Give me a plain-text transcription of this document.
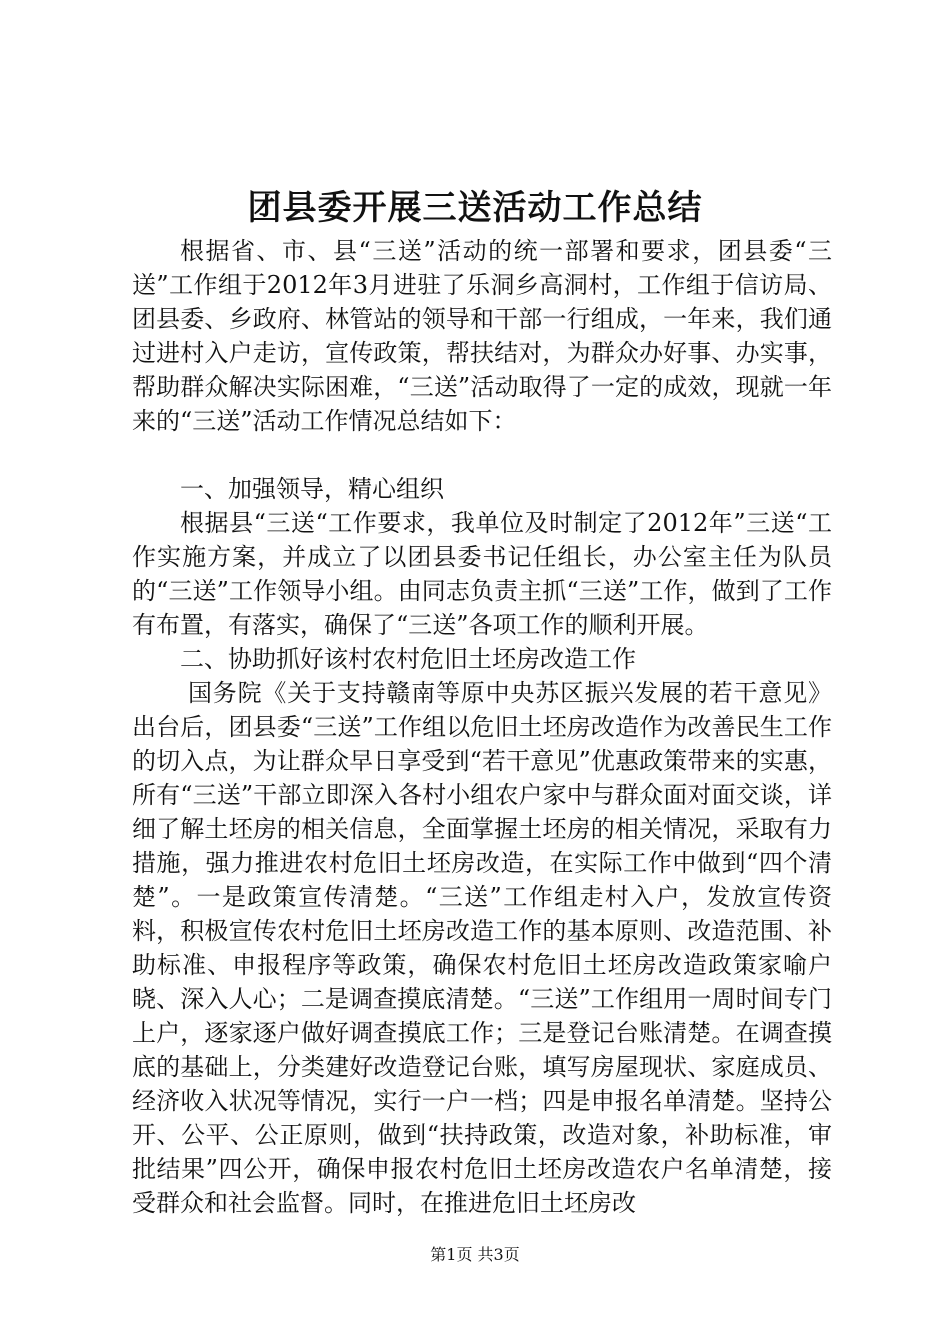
团县委开展三送活动工作总结

根据省、市、县“三送”活动的统一部署和要求，团县委“三送”工作组于2012年3月进驻了乐洞乡高洞村，工作组于信访局、团县委、乡政府、林管站的领导和干部一行组成，一年来，我们通过进村入户走访，宣传政策，帮扶结对，为群众办好事、办实事，帮助群众解决实际困难，“三送”活动取得了一定的成效，现就一年来的“三送”活动工作情况总结如下：

一、加强领导，精心组织

根据县“三送“工作要求，我单位及时制定了2012年”三送“工作实施方案，并成立了以团县委书记任组长，办公室主任为队员的“三送”工作领导小组。由同志负责主抓“三送”工作，做到了工作有布置，有落实，确保了“三送”各项工作的顺利开展。

二、协助抓好该村农村危旧土坯房改造工作

国务院《关于支持赣南等原中央苏区振兴发展的若干意见》出台后，团县委“三送”工作组以危旧土坯房改造作为改善民生工作的切入点，为让群众早日享受到“若干意见”优惠政策带来的实惠，所有“三送”干部立即深入各村小组农户家中与群众面对面交谈，详细了解土坯房的相关信息，全面掌握土坯房的相关情况，采取有力措施，强力推进农村危旧土坯房改造，在实际工作中做到“四个清楚”。一是政策宣传清楚。“三送”工作组走村入户，发放宣传资料，积极宣传农村危旧土坯房改造工作的基本原则、改造范围、补助标准、申报程序等政策，确保农村危旧土坯房改造政策家喻户晓、深入人心；二是调查摸底清楚。“三送”工作组用一周时间专门上户，逐家逐户做好调查摸底工作；三是登记台账清楚。在调查摸底的基础上，分类建好改造登记台账，填写房屋现状、家庭成员、经济收入状况等情况，实行一户一档；四是申报名单清楚。坚持公开、公平、公正原则，做到“扶持政策，改造对象，补助标准，审批结果”四公开，确保申报农村危旧土坯房改造农户名单清楚，接受群众和社会监督。同时，在推进危旧土坯房改

第1页 共3页
